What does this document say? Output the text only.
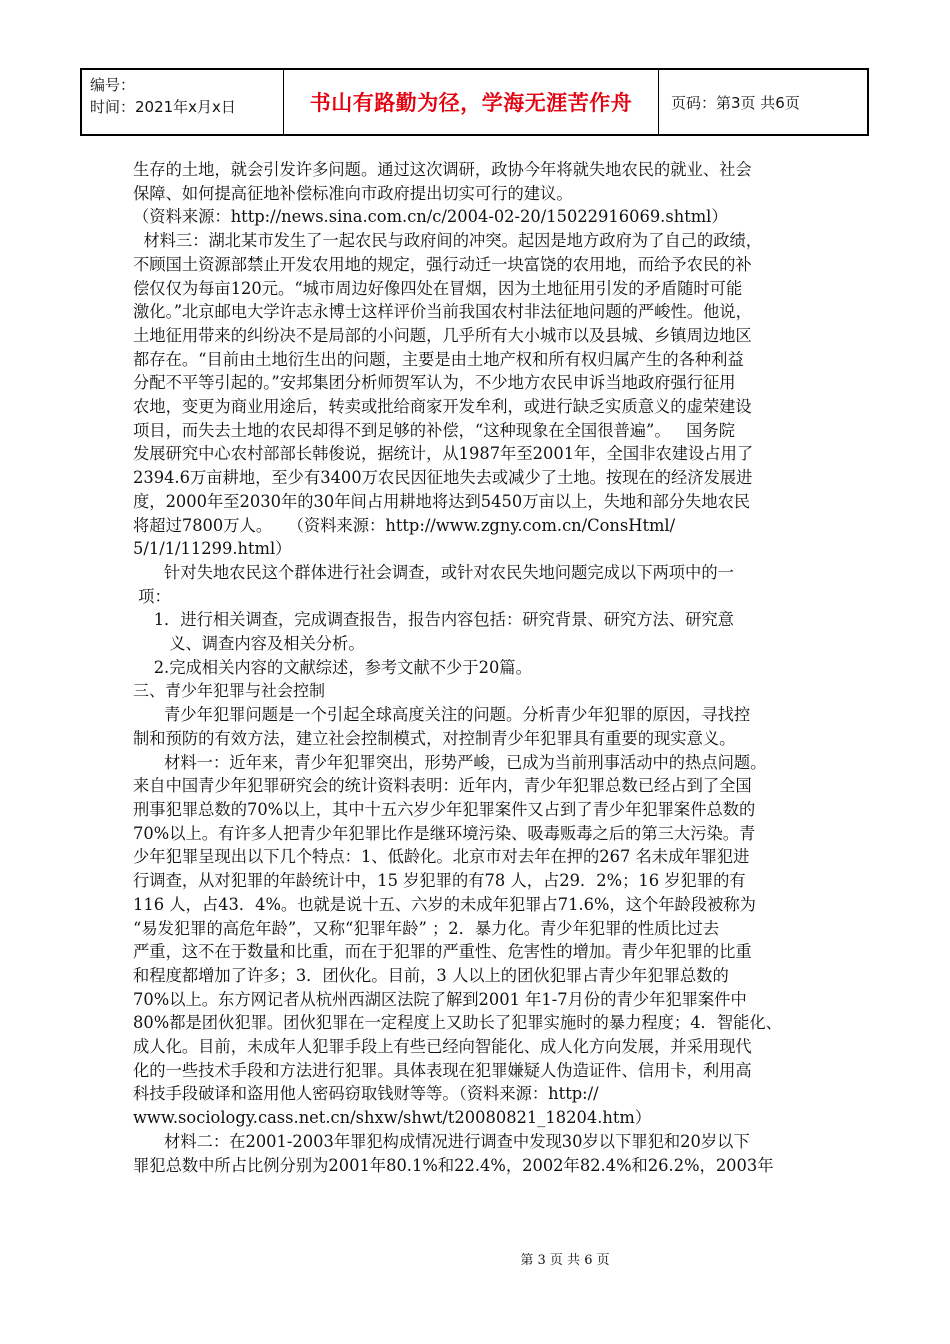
编号：
时间：2021年x月x日	书山有路勤为径，学海无涯苦作舟	页码：第3页 共6页

生存的土地，就会引发许多问题。通过这次调研，政协今年将就失地农民的就业、社会

保障、如何提高征地补偿标准向市政府提出切实可行的建议。

（资料来源：http://news.sina.com.cn/c/2004-02-20/15022916069.shtml）

材料三：湖北某市发生了一起农民与政府间的冲突。起因是地方政府为了自己的政绩，

不顾国土资源部禁止开发农用地的规定，强行动迁一块富饶的农用地，而给予农民的补

偿仅仅为每亩120元。“城市周边好像四处在冒烟，因为土地征用引发的矛盾随时可能

激化。”北京邮电大学许志永博士这样评价当前我国农村非法征地问题的严峻性。他说，

土地征用带来的纠纷决不是局部的小问题，几乎所有大小城市以及县城、乡镇周边地区

都存在。“目前由土地衍生出的问题，主要是由土地产权和所有权归属产生的各种利益

分配不平等引起的。”安邦集团分析师贺军认为，不少地方农民申诉当地政府强行征用

农地，变更为商业用途后，转卖或批给商家开发牟利，或进行缺乏实质意义的虚荣建设

项目，而失去土地的农民却得不到足够的补偿，“这种现象在全国很普遍”。   国务院

发展研究中心农村部部长韩俊说，据统计，从1987年至2001年，全国非农建设占用了

2394.6万亩耕地，至少有3400万农民因征地失去或减少了土地。按现在的经济发展进

度，2000年至2030年的30年间占用耕地将达到5450万亩以上，失地和部分失地农民

将超过7800万人。   （资料来源：http://www.zgny.com.cn/ConsHtml/

5/1/1/11299.html）

针对失地农民这个群体进行社会调查，或针对农民失地问题完成以下两项中的一

项：

1．进行相关调查，完成调查报告，报告内容包括：研究背景、研究方法、研究意

义、调查内容及相关分析。

2.完成相关内容的文献综述，参考文献不少于20篇。

三、青少年犯罪与社会控制

青少年犯罪问题是一个引起全球高度关注的问题。分析青少年犯罪的原因，寻找控

制和预防的有效方法，建立社会控制模式，对控制青少年犯罪具有重要的现实意义。

材料一：近年来，青少年犯罪突出，形势严峻，已成为当前刑事活动中的热点问题。

来自中国青少年犯罪研究会的统计资料表明：近年内，青少年犯罪总数已经占到了全国

刑事犯罪总数的70%以上，其中十五六岁少年犯罪案件又占到了青少年犯罪案件总数的

70%以上。有许多人把青少年犯罪比作是继环境污染、吸毒贩毒之后的第三大污染。青

少年犯罪呈现出以下几个特点：1、低龄化。北京市对去年在押的267 名未成年罪犯进

行调查，从对犯罪的年龄统计中，15 岁犯罪的有78 人，占29．2%；16 岁犯罪的有

116 人，占43．4%。也就是说十五、六岁的未成年犯罪占71.6%，这个年龄段被称为

“易发犯罪的高危年龄”，又称“犯罪年龄” ；2．暴力化。青少年犯罪的性质比过去

严重，这不在于数量和比重，而在于犯罪的严重性、危害性的增加。青少年犯罪的比重

和程度都增加了许多；3．团伙化。目前，3 人以上的团伙犯罪占青少年犯罪总数的

70%以上。东方网记者从杭州西湖区法院了解到2001 年1-7月份的青少年犯罪案件中

80%都是团伙犯罪。团伙犯罪在一定程度上又助长了犯罪实施时的暴力程度；4．智能化、

成人化。目前，未成年人犯罪手段上有些已经向智能化、成人化方向发展，并采用现代

化的一些技术手段和方法进行犯罪。具体表现在犯罪嫌疑人伪造证件、信用卡，利用高

科技手段破译和盗用他人密码窃取钱财等等。（资料来源：http://

www.sociology.cass.net.cn/shxw/shwt/t20080821_18204.htm）

材料二：在2001-2003年罪犯构成情况进行调查中发现30岁以下罪犯和20岁以下

罪犯总数中所占比例分别为2001年80.1%和22.4%，2002年82.4%和26.2%，2003年

第 3 页 共 6 页
